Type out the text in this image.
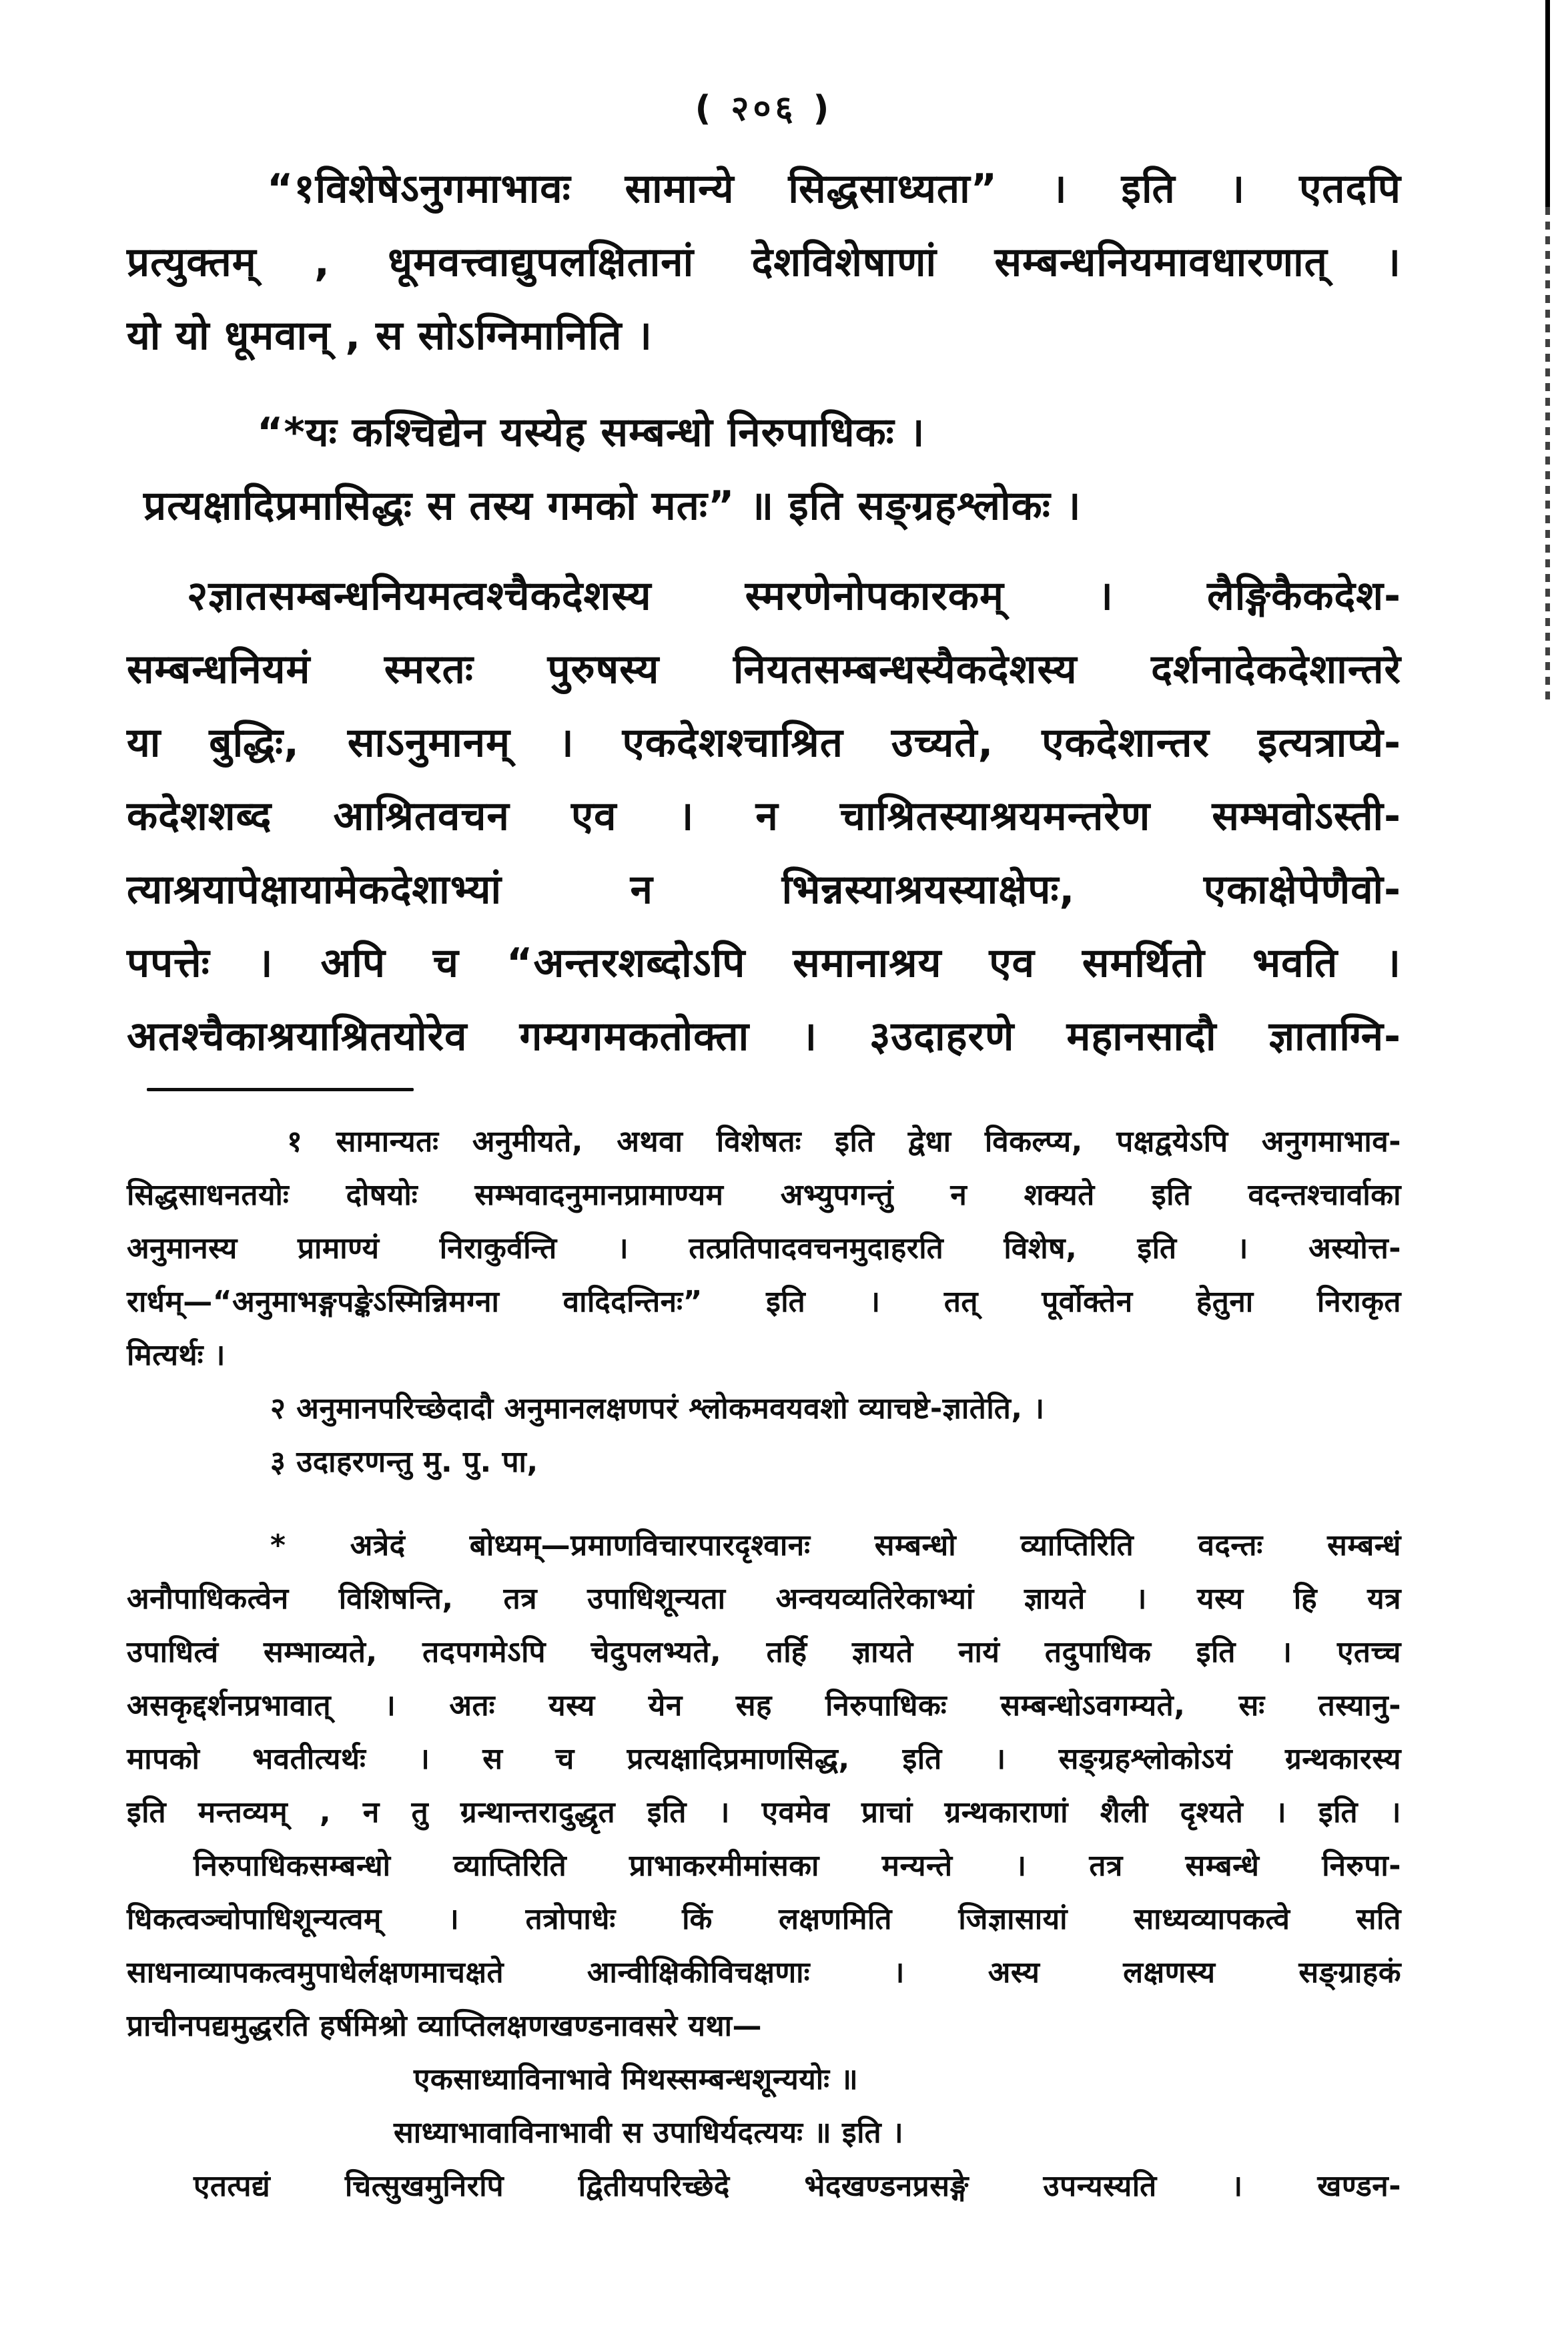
( २०६ )
“१विशेषेऽनुगमाभावः सामान्ये सिद्धसाध्यता” । इति । एतदपि
प्रत्युक्तम् , धूमवत्त्वाद्युपलक्षितानां देशविशेषाणां सम्बन्धनियमावधारणात् ।
यो यो धूमवान् , स सोऽग्निमानिति ।
“*यः कश्चिद्येन यस्येह सम्बन्धो निरुपाधिकः ।
प्रत्यक्षादिप्रमासिद्धः स तस्य गमको मतः” ॥ इति सङ्ग्रहश्लोकः ।
२ज्ञातसम्बन्धनियमत्वश्चैकदेशस्य स्मरणेनोपकारकम् । लैङ्गिकैकदेश-
सम्बन्धनियमं स्मरतः पुरुषस्य नियतसम्बन्धस्यैकदेशस्य दर्शनादेकदेशान्तरे
या बुद्धिः, साऽनुमानम् । एकदेशश्चाश्रित उच्यते, एकदेशान्तर इत्यत्राप्ये-
कदेशशब्द आश्रितवचन एव । न चाश्रितस्याश्रयमन्तरेण सम्भवोऽस्ती-
त्याश्रयापेक्षायामेकदेशाभ्यां न भिन्नस्याश्रयस्याक्षेपः, एकाक्षेपेणैवो-
पपत्तेः । अपि च “अन्तरशब्दोऽपि समानाश्रय एव समर्थितो भवति ।
अतश्चैकाश्रयाश्रितयोरेव गम्यगमकतोक्ता । ३उदाहरणे महानसादौ ज्ञाताग्नि-
१ सामान्यतः अनुमीयते, अथवा विशेषतः इति द्वेधा विकल्प्य, पक्षद्वयेऽपि अनुगमाभाव-
सिद्धसाधनतयोः दोषयोः सम्भवादनुमानप्रामाण्यम अभ्युपगन्तुं न शक्यते इति वदन्तश्चार्वाका
अनुमानस्य प्रामाण्यं निराकुर्वन्ति । तत्प्रतिपादवचनमुदाहरति विशेष, इति । अस्योत्त-
रार्धम्—“अनुमाभङ्गपङ्केऽस्मिन्निमग्ना वादिदन्तिनः” इति । तत् पूर्वोक्तेन हेतुना निराकृत
मित्यर्थः ।
२ अनुमानपरिच्छेदादौ अनुमानलक्षणपरं श्लोकमवयवशो व्याचष्टे-ज्ञातेति, ।
३ उदाहरणन्तु मु. पु. पा,
* अत्रेदं बोध्यम्—प्रमाणविचारपारदृश्वानः सम्बन्धो व्याप्तिरिति वदन्तः सम्बन्धं
अनौपाधिकत्वेन विशिषन्ति, तत्र उपाधिशून्यता अन्वयव्यतिरेकाभ्यां ज्ञायते । यस्य हि यत्र
उपाधित्वं सम्भाव्यते, तदपगमेऽपि चेदुपलभ्यते, तर्हि ज्ञायते नायं तदुपाधिक इति । एतच्च
असकृद्दर्शनप्रभावात् । अतः यस्य येन सह निरुपाधिकः सम्बन्धोऽवगम्यते, सः तस्यानु-
मापको भवतीत्यर्थः । स च प्रत्यक्षादिप्रमाणसिद्ध, इति । सङ्ग्रहश्लोकोऽयं ग्रन्थकारस्य
इति मन्तव्यम् , न तु ग्रन्थान्तरादुद्धृत इति । एवमेव प्राचां ग्रन्थकाराणां शैली दृश्यते । इति ।
निरुपाधिकसम्बन्धो व्याप्तिरिति प्राभाकरमीमांसका मन्यन्ते । तत्र सम्बन्धे निरुपा-
धिकत्वञ्चोपाधिशून्यत्वम् । तत्रोपाधेः किं लक्षणमिति जिज्ञासायां साध्यव्यापकत्वे सति
साधनाव्यापकत्वमुपाधेर्लक्षणमाचक्षते आन्वीक्षिकीविचक्षणाः । अस्य लक्षणस्य सङ्ग्राहकं
प्राचीनपद्यमुद्धरति हर्षमिश्रो व्याप्तिलक्षणखण्डनावसरे यथा—
एकसाध्याविनाभावे मिथस्सम्बन्धशून्ययोः ॥
साध्याभावाविनाभावी स उपाधिर्यदत्ययः ॥ इति ।
एतत्पद्यं चित्सुखमुनिरपि द्वितीयपरिच्छेदे भेदखण्डनप्रसङ्गे उपन्यस्यति । खण्डन-
